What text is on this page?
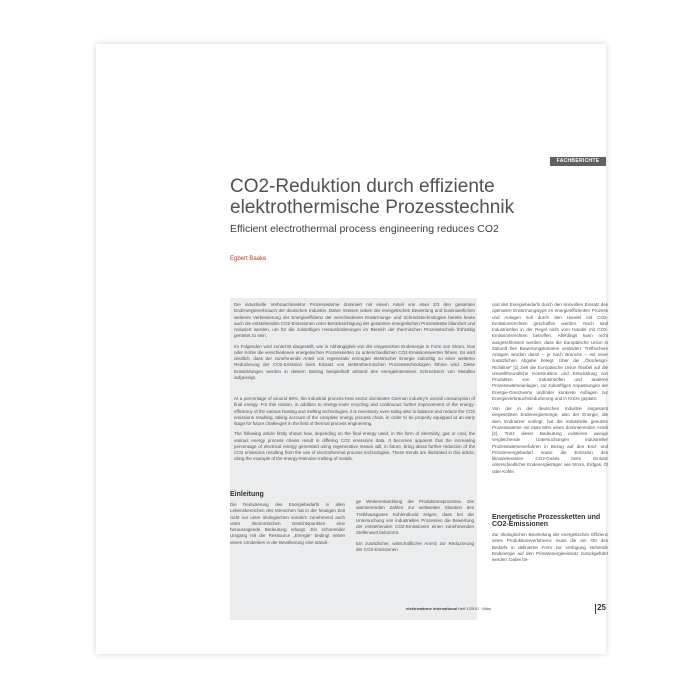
FACHBERICHTE
CO2-Reduktion durch effiziente elektrothermische Prozesstechnik
Efficient electrothermal process engineering reduces CO2
Egbert Baake

Die industrielle Verbrauchssektor Prozesswärme dominiert mit einem Anteil von etwa 2/3 den gesamten Endenergieverbrauch der deutschen Industrie. Daher müssen neben der energetischen Bewertung und kontinuierlichen weiteren Verbesserung der Energieeffizienz der verschiedenen Erwärmungs- und Schmelztechnologien bereits heute auch die entstehenden CO2-Emissionen unter Berücksichtigung der gesamten energetischen Prozesskette bilanziert und reduziert werden, um für die zukünftigen Herausforderungen im Bereich der thermischen Prozesstechnik frühzeitig gerüstet zu sein.

Im Folgenden wird zunächst dargestellt, wie in Abhängigkeit von der eingesetzten Endenergie in Form von Strom, Gas oder Kohle die verschiedenen energetischen Prozessketten zu unterschiedlichen CO2-Emissionswerten führen. Es wird deutlich, dass der zunehmende Anteil von regenerativ erzeugter elektrischer Energie zukünftig zu einer weiteren Reduzierung der CO2-Emission beim Einsatz von elektrothermischen Prozesstechnologien führen wird. Diese Entwicklungen werden in diesem Beitrag beispielhaft anhand des energieintensiven Schmelzens von Metallen aufgezeigt.

At a percentage of around 66%, the industrial process-heat sector dominates German industry's overall consumption of final energy. For this reason, in addition to energy-route recycling and continuous further improvement of the energy-efficiency of the various heating and melting technologies, it is necessary even today also to balance and reduce the CO2 emissions resulting, taking account of the complete energy process chain, in order to be properly equipped at an early stage for future challenges in the field of thermal process engineering.

The following article firstly shows how, depending on the final energy used, in the form of electricity, gas or coal, the various energy process chains result in differing CO2 emissions data. It becomes apparent that the increasing percentage of electrical energy generated using regenerative means will, in future, bring about further reduction of the CO2 emissions resulting from the use of electrothermal process technologies. These trends are illustrated in this article, citing the example of the energy-intensive melting of metals.

und des Energiebedarfs durch den sinnvollen Einsatz des optimalen Erwärmungstyps im energieeffizienten Prozess und Anlagen soll durch den Handel mit CO2-Emissionsrechten geschaffen werden. Noch sind Industrieöfen in der Regel nicht vom Handel mit CO2-Emissionsrechten betroffen. Allerdings kann nicht ausgeschlossen werden, dass die Europäische Union in Zukunft ihre Bewertungskriterien verändert. Treffsichere Anlagen würden damit – je nach Branche – mit einer zusätzlichen Abgabe belegt. Über die „Ökodesign-Richtlinie“ [1] zielt die Europäische Union flexibel auf die umweltfreundliche Konstruktion und Entwicklung von Produkten von Industrieöfen und anderen Prozesswärmeanlagen, zur zukünftigen Anpassungen der Energie-Grenzwerte und/oder konkrete Auflagen zur Energieverbrauchsreduzierung und in Kürze geplant.

Von der in der deutschen Industrie insgesamt eingesetzten Endenergiemenge, also der Energie, die dem Endnutzer vorliegt, hat die industrielle genutzte Prozesswärme mit etwa 66% einen dominierenden Anteil [2]. Trotz dieser Bedeutung existieren wenige vergleichende Untersuchungen industrieller Prozesswärmeverfahren in Bezug auf den End- und Primärenergiebedarf sowie die Emission des klimarelevanten CO2-Gases beim Einsatz unterschiedlicher Endenergieträger, wie Strom, Erdgas, Öl oder Kohle.

Einleitung

Die Reduzierung des Energiebedarfs in allen Lebensbereichen des Menschen hat in der heutigen Zeit nicht nur unter ökologischen sondern zunehmend auch unter ökonomischen Gesichtspunkten eine herausragende Bedeutung erlangt. Ein schonender Umgang mit der Ressource „Energie“ bedingt neben einem Umdenken in der Bevölkerung eine ständi-

ge Weiterentwicklung der Produktionsprozesse. Die alarmierenden Zahlen zur weltweiten Situation des Treibhausgases Kohlendioxid zeigen, dass bei der Untersuchung von industriellen Prozessen die Bewertung der entstehenden CO2-Emissionen einen zunehmenden Stellenwert bekommt.

Ein zusätzlicher, wirtschaftlicher Anreiz zur Reduzierung der CO2-Emissionen

Energetische Prozessketten und CO2-Emissionen

Zur ökologischen Beurteilung der energetischen Effizienz eines Produktionsverfahrens muss die am Ort des Bedarfs in definierter Form zur Verfügung stehende Endenergie auf den Primärenergieeinsatz zurückgeführt werden. Dabei be-

elektrowärme international Heft 1/2010 · März	25
